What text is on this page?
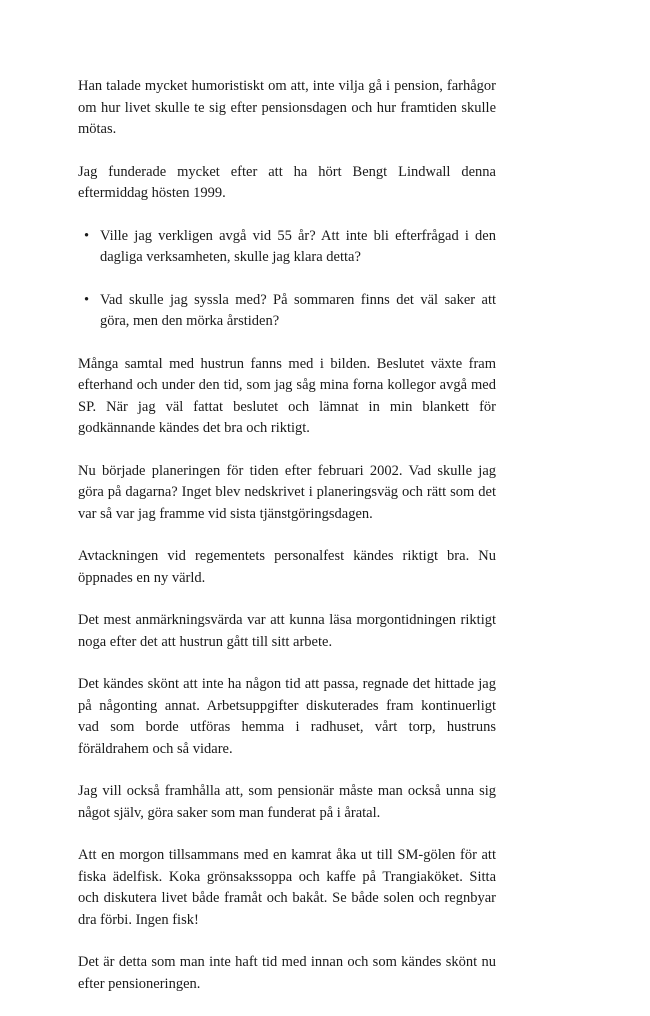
Han talade mycket humoristiskt om att, inte vilja gå i pension, farhågor om hur livet skulle te sig efter pensionsdagen och hur framtiden skulle mötas.

Jag funderade mycket efter att ha hört Bengt Lindwall denna eftermiddag hösten 1999.

• Ville jag verkligen avgå vid 55 år? Att inte bli efterfrågad i den dagliga verksamheten, skulle jag klara detta?
• Vad skulle jag syssla med? På sommaren finns det väl saker att göra, men den mörka årstiden?

Många samtal med hustrun fanns med i bilden. Beslutet växte fram efterhand och under den tid, som jag såg mina forna kollegor avgå med SP. När jag väl fattat beslutet och lämnat in min blankett för godkännande kändes det bra och riktigt.

Nu började planeringen för tiden efter februari 2002. Vad skulle jag göra på dagarna? Inget blev nedskrivet i planeringsväg och rätt som det var så var jag framme vid sista tjänstgöringsdagen.

Avtackningen vid regementets personalfest kändes riktigt bra. Nu öppnades en ny värld.

Det mest anmärkningsvärda var att kunna läsa morgontidningen riktigt noga efter det att hustrun gått till sitt arbete.

Det kändes skönt att inte ha någon tid att passa, regnade det hittade jag på någonting annat. Arbetsuppgifter diskuterades fram kontinuerligt vad som borde utföras hemma i radhuset, vårt torp, hustruns föräldrahem och så vidare.

Jag vill också framhålla att, som pensionär måste man också unna sig något själv, göra saker som man funderat på i åratal.

Att en morgon tillsammans med en kamrat åka ut till SM-gölen för att fiska ädelfisk. Koka grönsakssoppa och kaffe på Trangiaköket. Sitta och diskutera livet både framåt och bakåt. Se både solen och regnbyar dra förbi. Ingen fisk!

Det är detta som man inte haft tid med innan och som kändes skönt nu efter pensioneringen.
